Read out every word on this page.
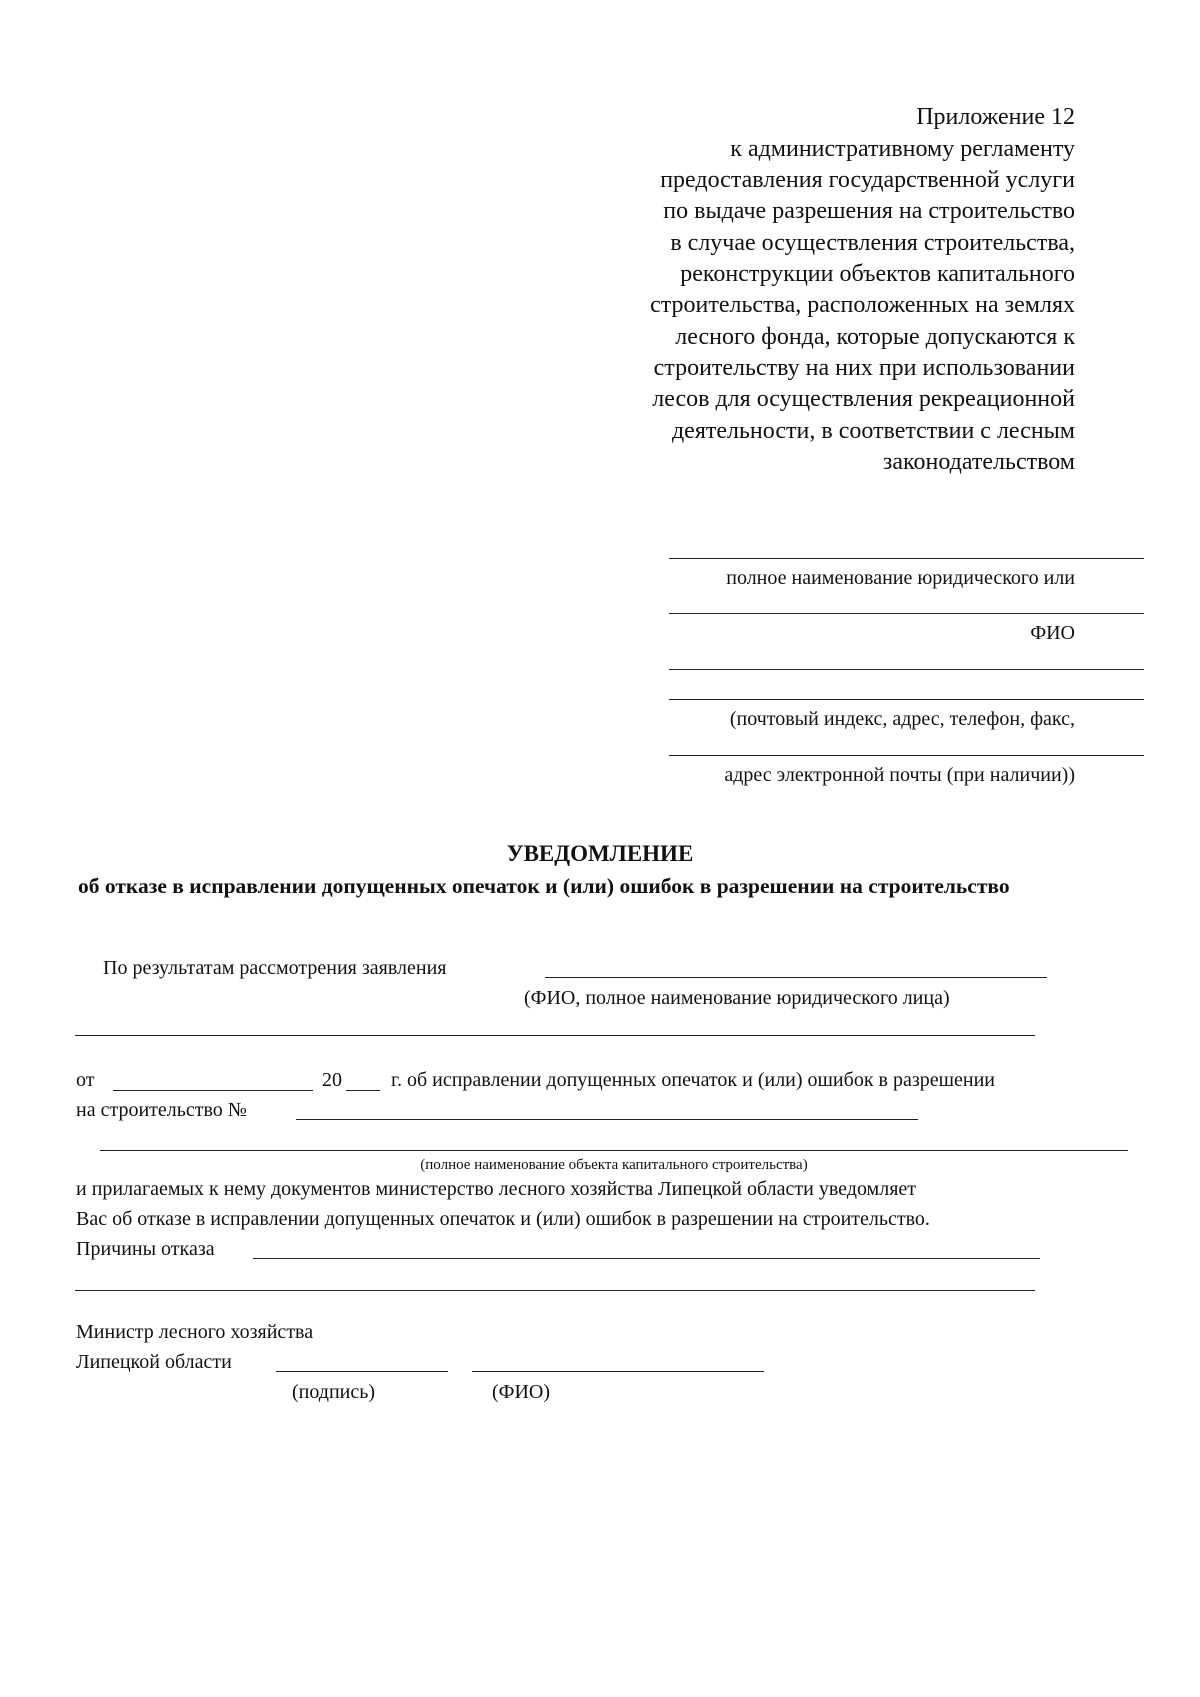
Приложение 12
к административному регламенту
предоставления государственной услуги
по выдаче разрешения на строительство
в случае осуществления строительства,
реконструкции объектов капитального
строительства, расположенных на землях
лесного фонда, которые допускаются к
строительству на них при использовании
лесов для осуществления рекреационной
деятельности, в соответствии с лесным
законодательством
полное наименование юридического или
ФИО
(почтовый индекс, адрес, телефон, факс,
адрес электронной почты (при наличии))
УВЕДОМЛЕНИЕ
об отказе в исправлении допущенных опечаток и (или) ошибок в разрешении на строительство
По результатам рассмотрения заявления
(ФИО, полное наименование юридического лица)
от	20 г. об исправлении допущенных опечаток и (или) ошибок в разрешении
на строительство №
(полное наименование объекта капитального строительства)
и прилагаемых к нему документов министерство лесного хозяйства Липецкой области уведомляет
Вас об отказе в исправлении допущенных опечаток и (или) ошибок в разрешении на строительство.
Причины отказа
Министр лесного хозяйства
Липецкой области
(подпись)	(ФИО)
